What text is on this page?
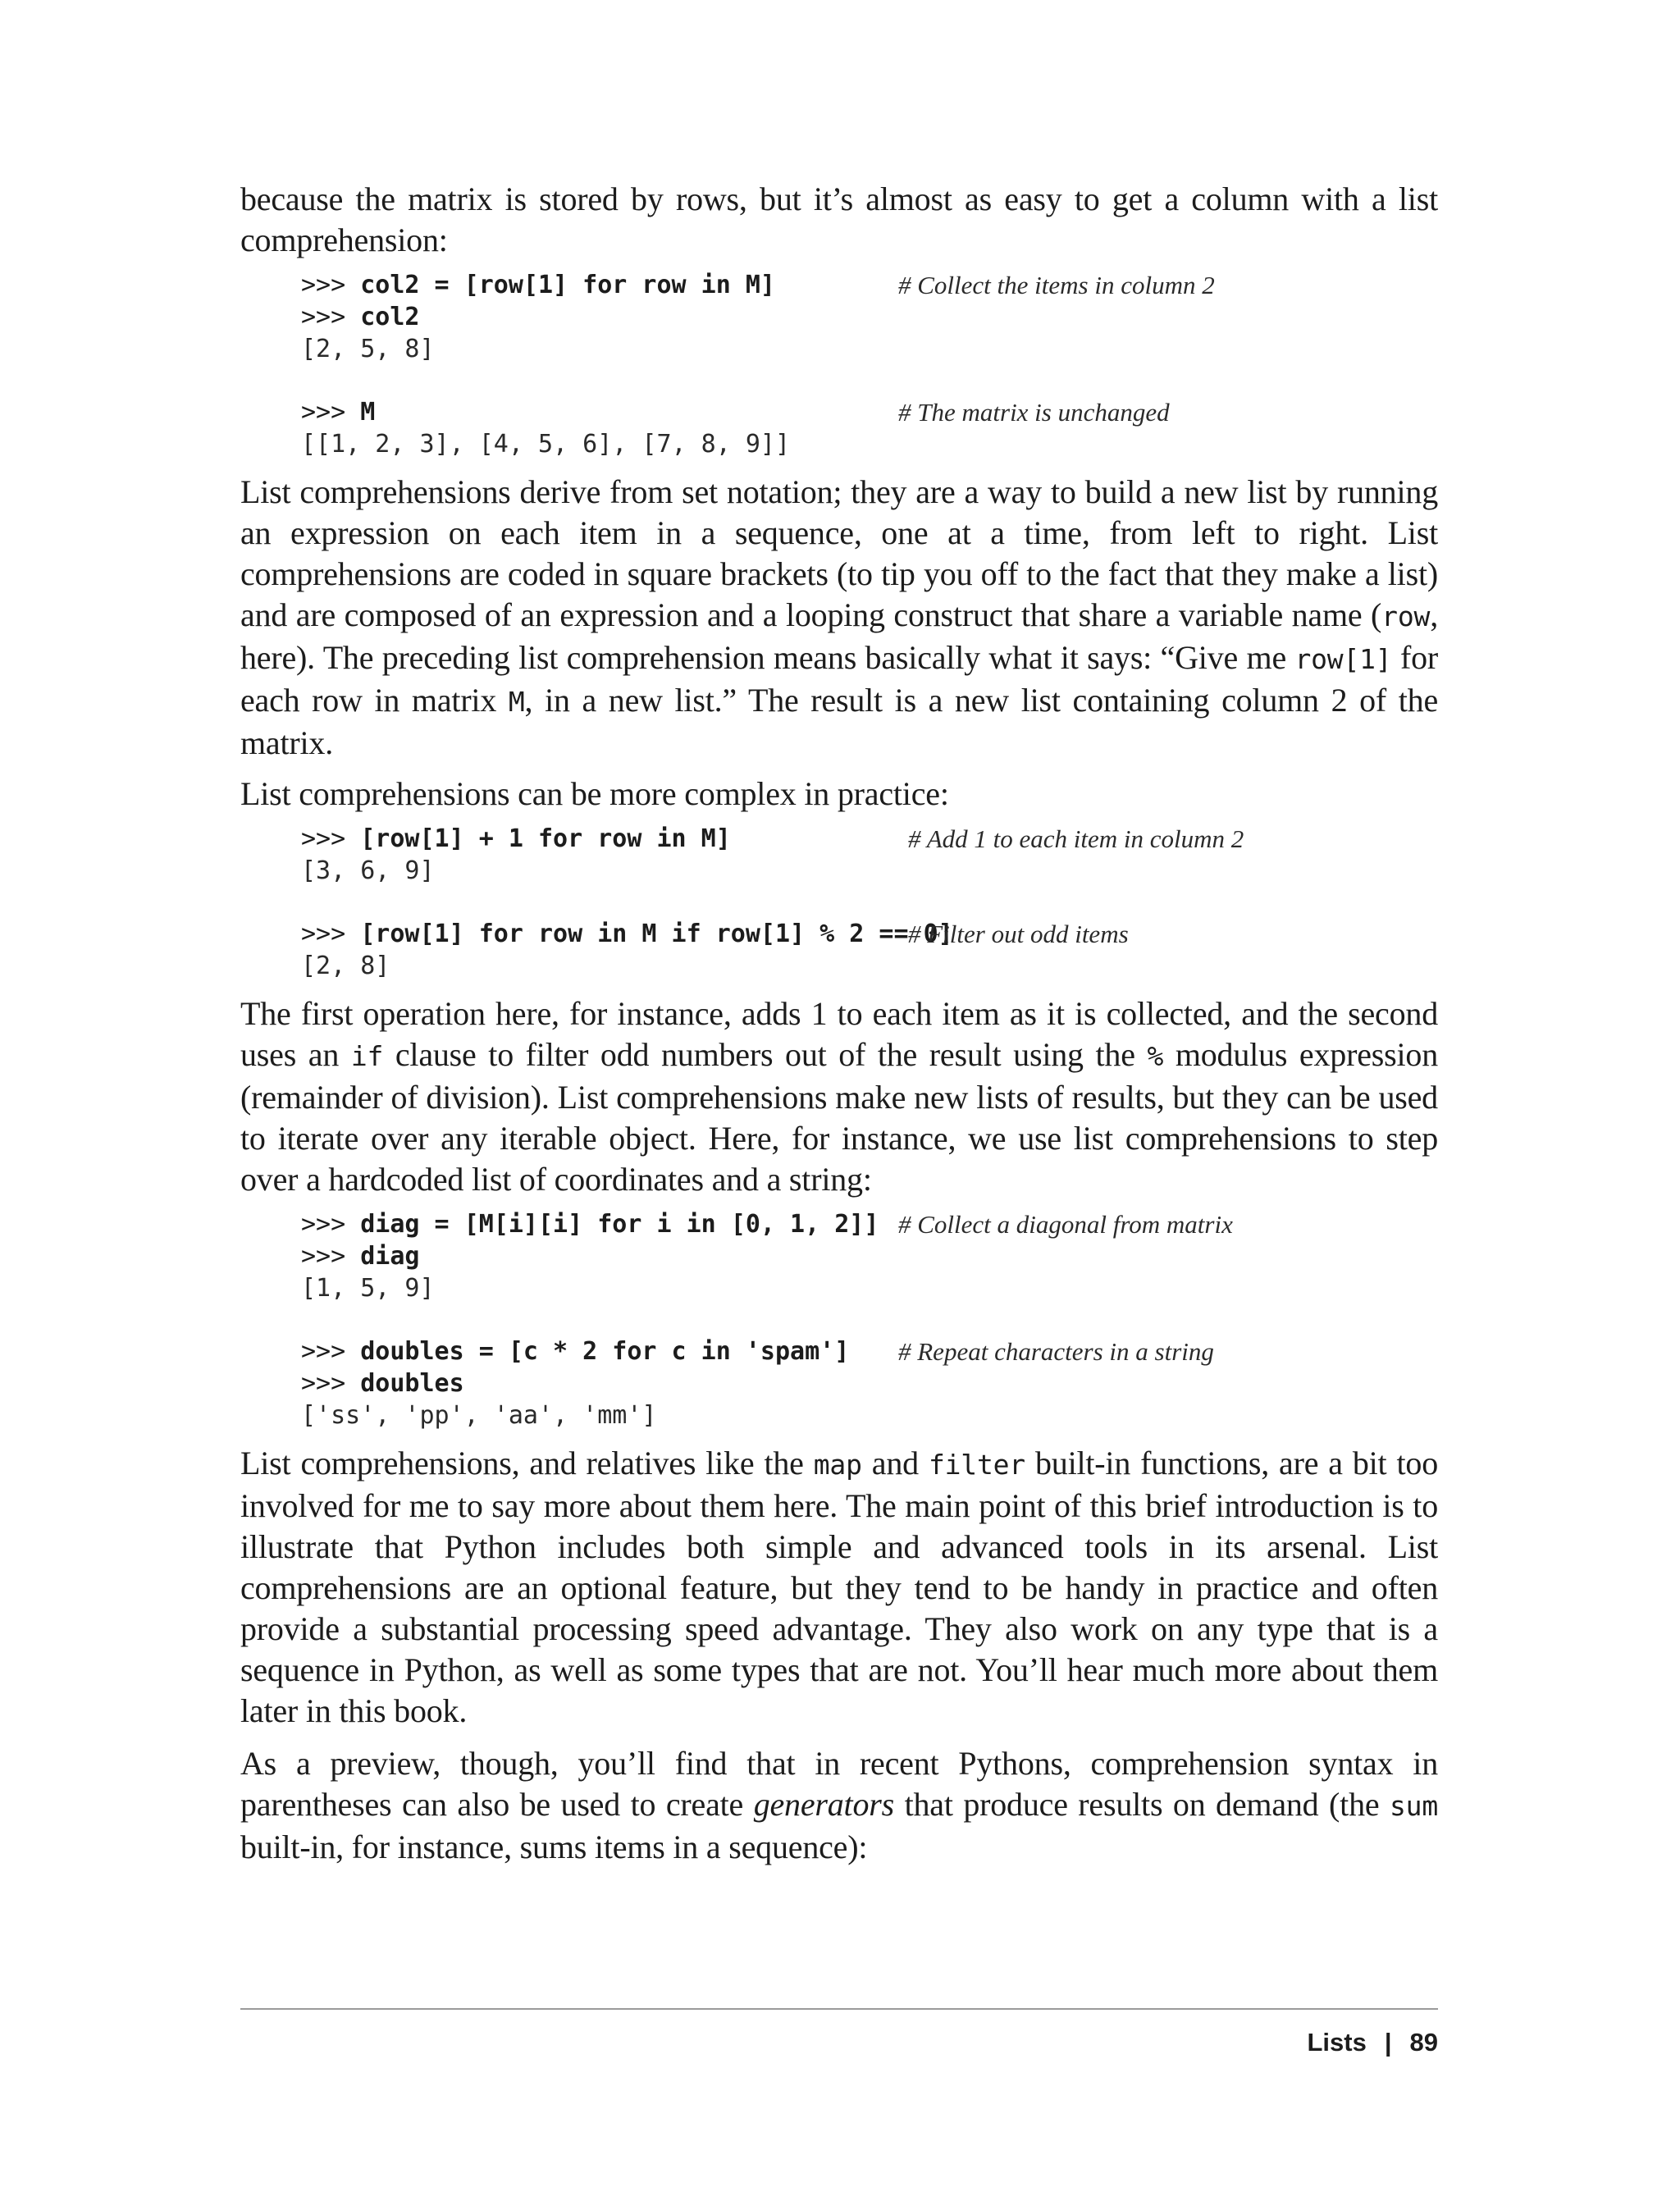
because the matrix is stored by rows, but it’s almost as easy to get a column with a list comprehension:

>>> col2 = [row[1] for row in M]	# Collect the items in column 2
>>> col2
[2, 5, 8]
>>> M	# The matrix is unchanged
[[1, 2, 3], [4, 5, 6], [7, 8, 9]]

List comprehensions derive from set notation; they are a way to build a new list by running an expression on each item in a sequence, one at a time, from left to right. List comprehensions are coded in square brackets (to tip you off to the fact that they make a list) and are composed of an expression and a looping construct that share a variable name (row, here). The preceding list comprehension means basically what it says: “Give me row[1] for each row in matrix M, in a new list.” The result is a new list containing column 2 of the matrix.

List comprehensions can be more complex in practice:

>>> [row[1] + 1 for row in M]	# Add 1 to each item in column 2
[3, 6, 9]
>>> [row[1] for row in M if row[1] % 2 == 0]
# Filter out odd items
[2, 8]

The first operation here, for instance, adds 1 to each item as it is collected, and the second uses an if clause to filter odd numbers out of the result using the % modulus expression (remainder of division). List comprehensions make new lists of results, but they can be used to iterate over any iterable object. Here, for instance, we use list comprehensions to step over a hardcoded list of coordinates and a string:

>>> diag = [M[i][i] for i in [0, 1, 2]] # Collect a diagonal from matrix
>>> diag
[1, 5, 9]
>>> doubles = [c * 2 for c in 'spam'] # Repeat characters in a string
>>> doubles
['ss', 'pp', 'aa', 'mm']

List comprehensions, and relatives like the map and filter built-in functions, are a bit too involved for me to say more about them here. The main point of this brief introduction is to illustrate that Python includes both simple and advanced tools in its arsenal. List comprehensions are an optional feature, but they tend to be handy in practice and often provide a substantial processing speed advantage. They also work on any type that is a sequence in Python, as well as some types that are not. You’ll hear much more about them later in this book.

As a preview, though, you’ll find that in recent Pythons, comprehension syntax in parentheses can also be used to create generators that produce results on demand (the sum built-in, for instance, sums items in a sequence):

Lists | 89
